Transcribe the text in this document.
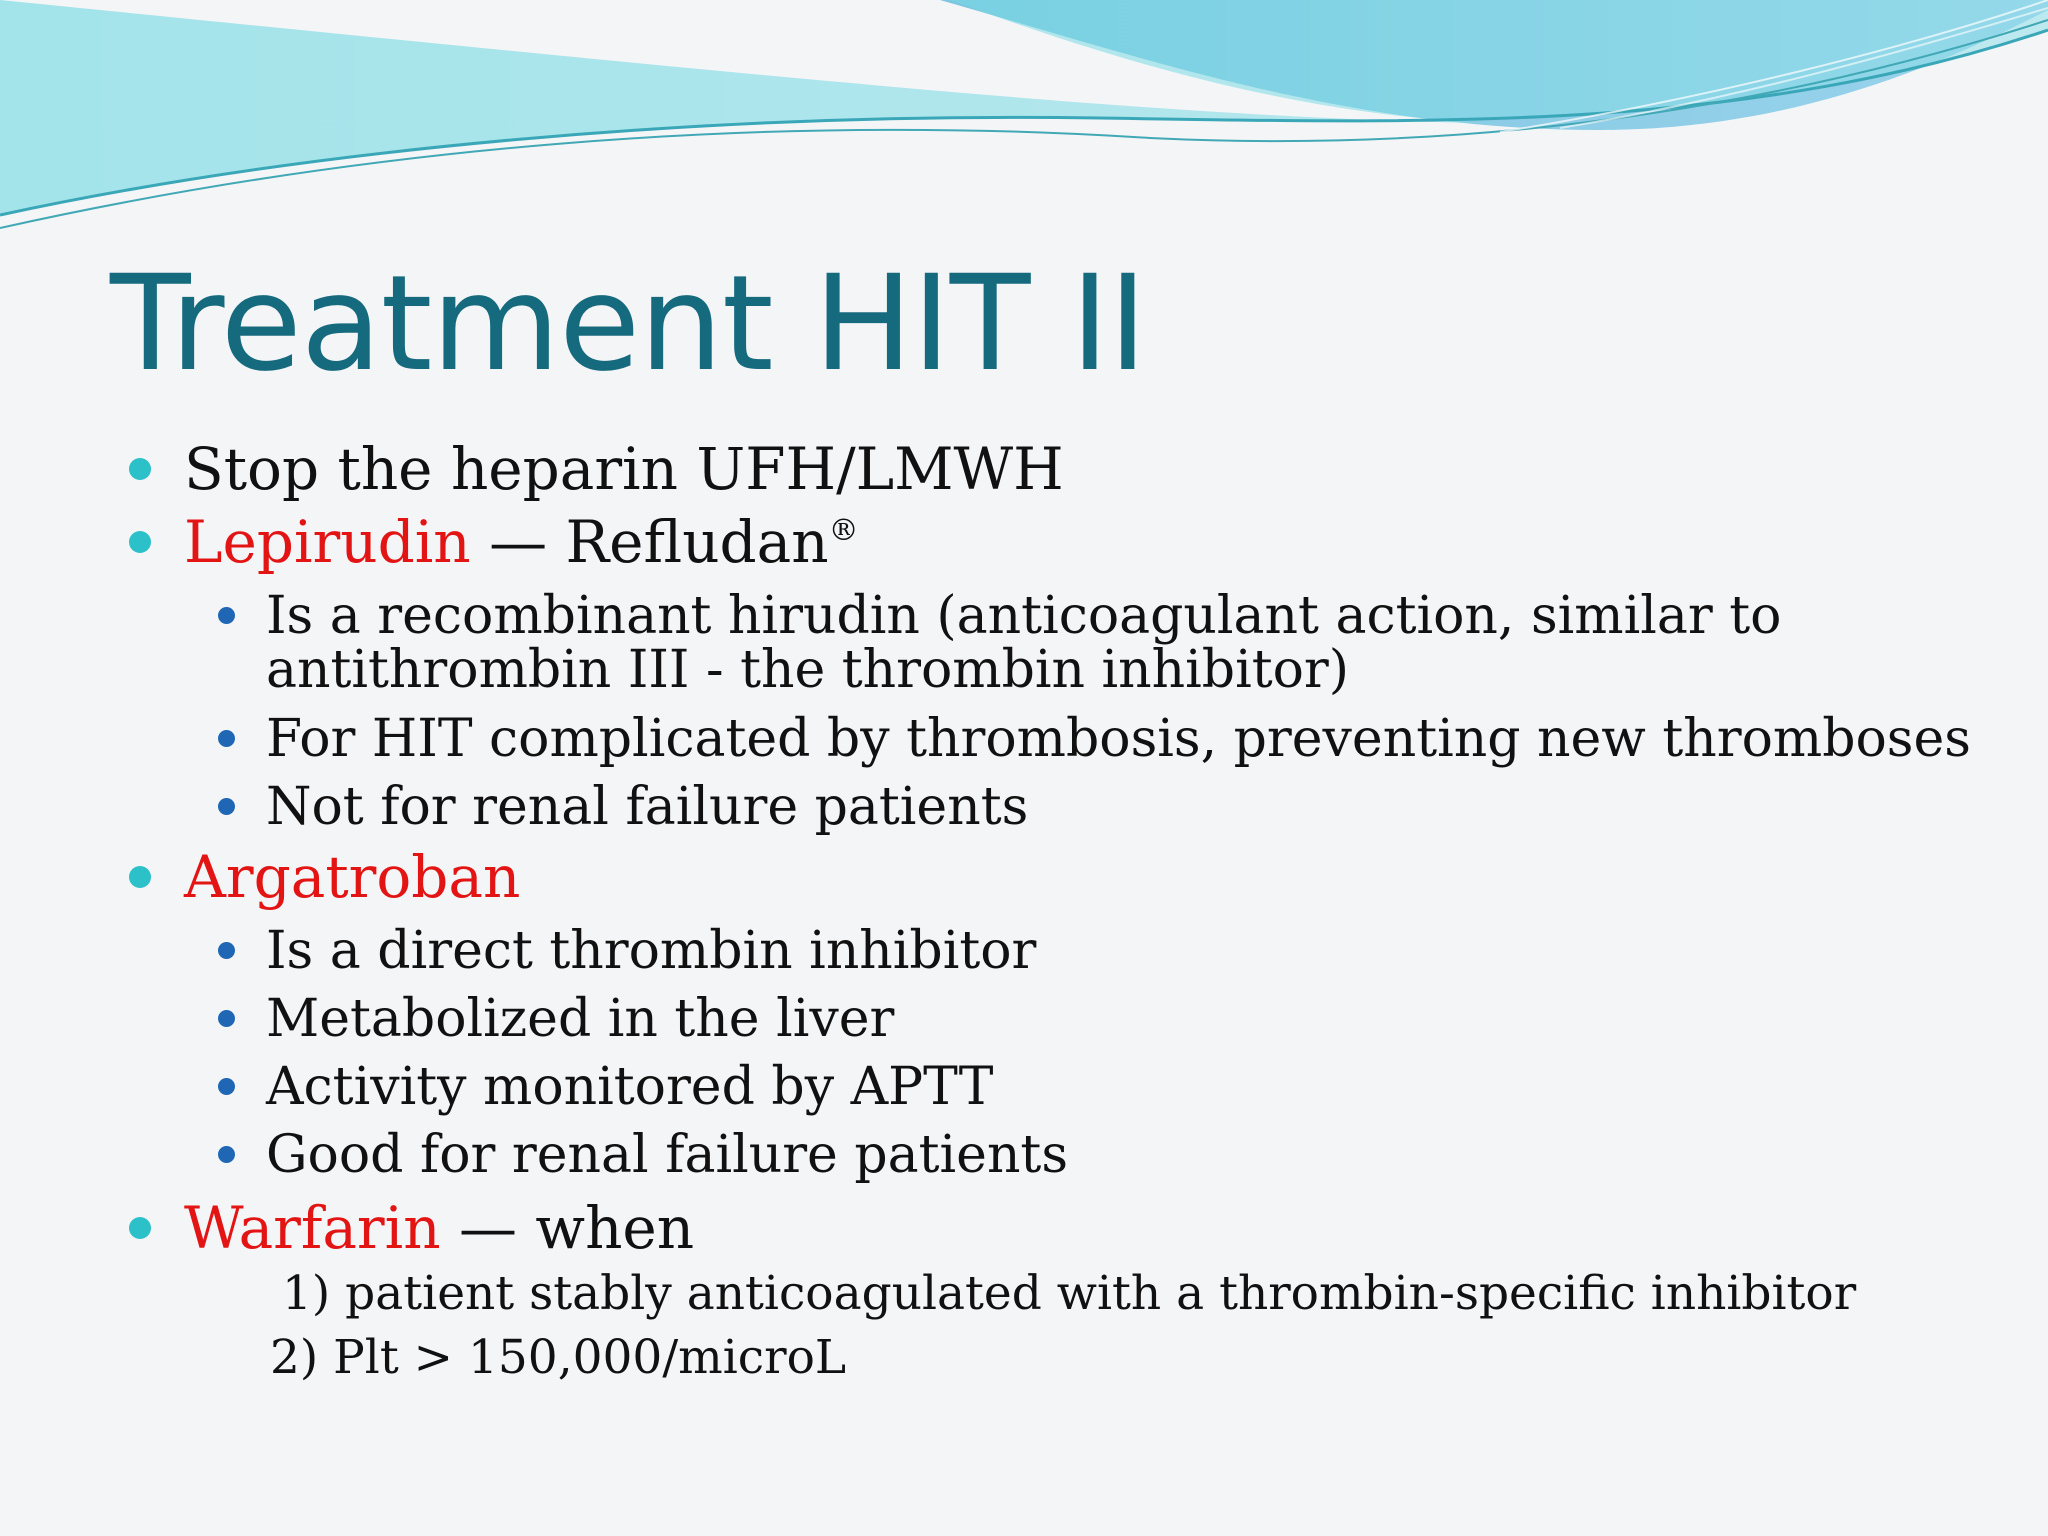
Treatment HIT II
Stop the heparin UFH/LMWH
Lepirudin — Refludan®
Is a recombinant hirudin (anticoagulant action, similar to
antithrombin III - the thrombin inhibitor)
For HIT complicated by thrombosis, preventing new thromboses
Not for renal failure patients
Argatroban
Is a direct thrombin inhibitor
Metabolized in the liver
Activity monitored by APTT
Good for renal failure patients
Warfarin — when
1) patient stably anticoagulated with a thrombin-specific inhibitor
2) Plt > 150,000/microL
